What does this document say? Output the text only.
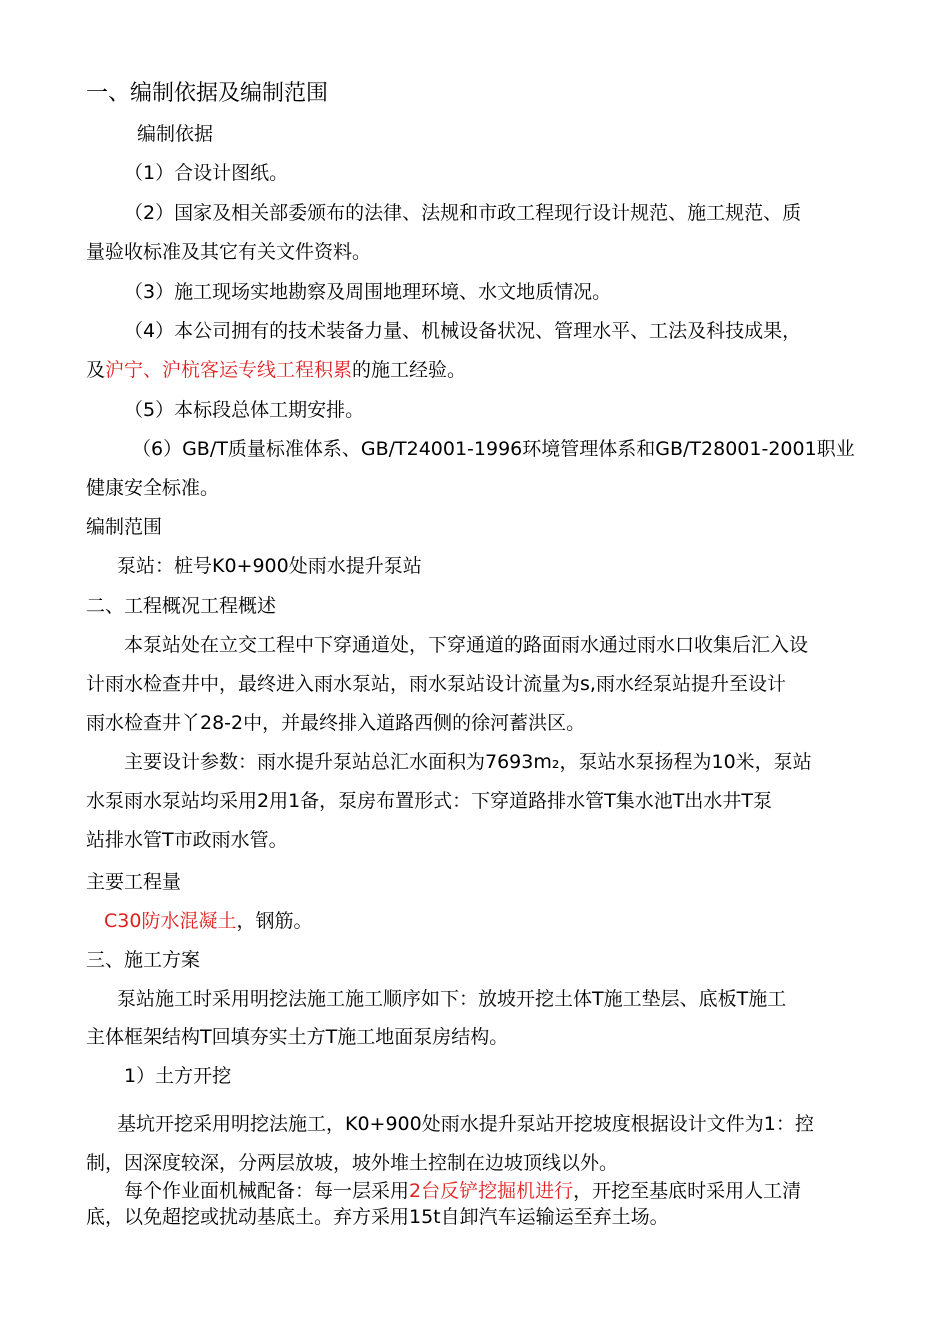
一、编制依据及编制范围
编制依据
（1）合设计图纸。
（2）国家及相关部委颁布的法律、法规和市政工程现行设计规范、施工规范、质
量验收标准及其它有关文件资料。
（3）施工现场实地勘察及周围地理环境、水文地质情况。
（4）本公司拥有的技术装备力量、机械设备状况、管理水平、工法及科技成果，
及沪宁、沪杭客运专线工程积累的施工经验。
（5）本标段总体工期安排。
（6）GB/T质量标准体系、GB/T24001-1996环境管理体系和GB/T28001-2001职业
健康安全标准。
编制范围
泵站：桩号K0+900处雨水提升泵站
二、工程概况工程概述
本泵站处在立交工程中下穿通道处，下穿通道的路面雨水通过雨水口收集后汇入设
计雨水检查井中，最终进入雨水泵站，雨水泵站设计流量为s,雨水经泵站提升至设计
雨水检查井丫28-2中，并最终排入道路西侧的徐河蓄洪区。
主要设计参数：雨水提升泵站总汇水面积为7693m₂，泵站水泵扬程为10米，泵站
水泵雨水泵站均采用2用1备，泵房布置形式：下穿道路排水管T集水池T出水井T泵
站排水管T市政雨水管。
主要工程量
C30防水混凝土，钢筋。
三、施工方案
泵站施工时采用明挖法施工施工顺序如下：放坡开挖土体T施工垫层、底板T施工
主体框架结构T回填夯实土方T施工地面泵房结构。
1）土方开挖
基坑开挖采用明挖法施工，K0+900处雨水提升泵站开挖坡度根据设计文件为1：控
制，因深度较深，分两层放坡，坡外堆土控制在边坡顶线以外。
每个作业面机械配备：每一层采用2台反铲挖掘机进行，开挖至基底时采用人工清
底，以免超挖或扰动基底土。弃方采用15t自卸汽车运输运至弃土场。
